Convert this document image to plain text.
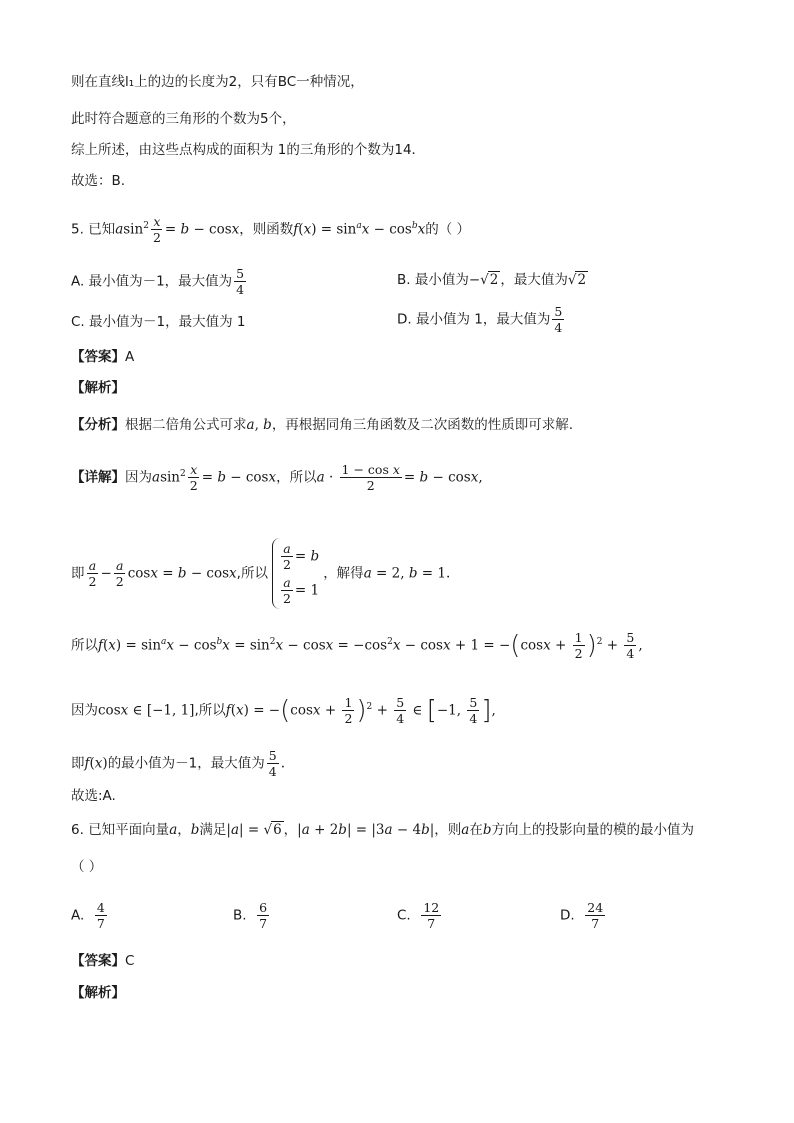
则在直线l₁上的边的长度为2，只有BC一种情况，
此时符合题意的三角形的个数为5个，
综上所述，由这些点构成的面积为 1的三角形的个数为14．
故选：B.
5. 已知$asin^2 \frac{x}{2} = b - \cos x$，则函数$f(x) = \sin^ax - \cos^bx$的（ ）
A. 最小值为－1，最大值为 $\frac{5}{4}$	B. 最小值为−√2 ，最大值为√2
C. 最小值为－1，最大值为 1	D. 最小值为 1，最大值为 $\frac{5}{4}$
【答案】A
【解析】
【分析】根据二倍角公式可求a, b，再根据同角三角函数及二次函数的性质即可求解.
【详解】因为$asin^2 \frac{x}{2} = b - \cos x$，所以$a \cdot \frac{\text{1 − cos x}}{2} = b - \cos x$,
即 $\frac{a}{2} - \frac{a}{2}$ cosx = b − cosx,所以
$\frac{a}{2} = b$
$\frac{a}{2} = 1$
，解得a = 2, b = 1.
所以$f(x) = \sin^ax - \cos^bx = \sin^2x - \cos x = -\cos^2x - \cos x + 1 = -(\cos x + \frac{1}{2} )^2 + \frac{5}{4}$ ,
因为cosx ∈ [−1, 1],所以$f(x) = -(\cos x + \frac{1}{2} )^2 + \frac{5}{4}$ ∈ [−1, $\frac{5}{4}$ ],
即f(x)的最小值为－1，最大值为 $\frac{5}{4}$ .
故选:A.
6. 已知平面向量a，b满足|a| = √6 ，|a + 2b| = |3a − 4b|，则a在b方向上的投影向量的模的最小值为
（ ）
A. $\frac{4}{7}$	B. $\frac{6}{7}$	C. $\frac{12}{7}$	D. $\frac{24}{7}$
【答案】C
【解析】
